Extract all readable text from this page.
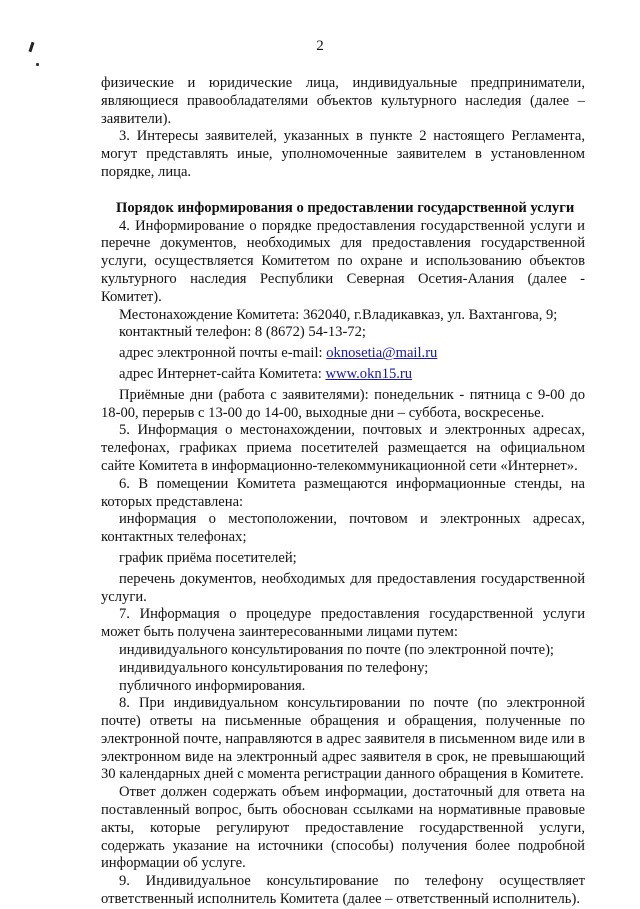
2

физические и юридические лица, индивидуальные предприниматели, являющиеся правообладателями объектов культурного наследия (далее – заявители).

3. Интересы заявителей, указанных в пункте 2 настоящего Регламента, могут представлять иные, уполномоченные заявителем в установленном порядке, лица.

Порядок информирования о предоставлении государственной услуги

4. Информирование о порядке предоставления государственной услуги и перечне документов, необходимых для предоставления государственной услуги, осуществляется Комитетом по охране и использованию объектов культурного наследия Республики Северная Осетия-Алания (далее - Комитет).

Местонахождение Комитета: 362040, г.Владикавказ, ул. Вахтангова, 9;

контактный телефон: 8 (8672) 54-13-72;

адрес электронной почты e-mail: oknosetia@mail.ru

адрес Интернет-сайта Комитета: www.okn15.ru

Приёмные дни (работа с заявителями): понедельник - пятница с 9-00 до 18-00, перерыв с 13-00 до 14-00, выходные дни – суббота, воскресенье.

5. Информация о местонахождении, почтовых и электронных адресах, телефонах, графиках приема посетителей размещается на официальном сайте Комитета в информационно-телекоммуникационной сети «Интернет».

6. В помещении Комитета размещаются информационные стенды, на которых представлена:

информация о местоположении, почтовом и электронных адресах, контактных телефонах;

график приёма посетителей;

перечень документов, необходимых для предоставления государственной услуги.

7. Информация о процедуре предоставления государственной услуги может быть получена заинтересованными лицами путем:

индивидуального консультирования по почте (по электронной почте);

индивидуального консультирования по телефону;

публичного информирования.

8. При индивидуальном консультировании по почте (по электронной почте) ответы на письменные обращения и обращения, полученные по электронной почте, направляются в адрес заявителя в письменном виде или в электронном виде на электронный адрес заявителя в срок, не превышающий 30 календарных дней с момента регистрации данного обращения в Комитете.

Ответ должен содержать объем информации, достаточный для ответа на поставленный вопрос, быть обоснован ссылками на нормативные правовые акты, которые регулируют предоставление государственной услуги, содержать указание на источники (способы) получения более подробной информации об услуге.

9. Индивидуальное консультирование по телефону осуществляет ответственный исполнитель Комитета (далее – ответственный исполнитель).
